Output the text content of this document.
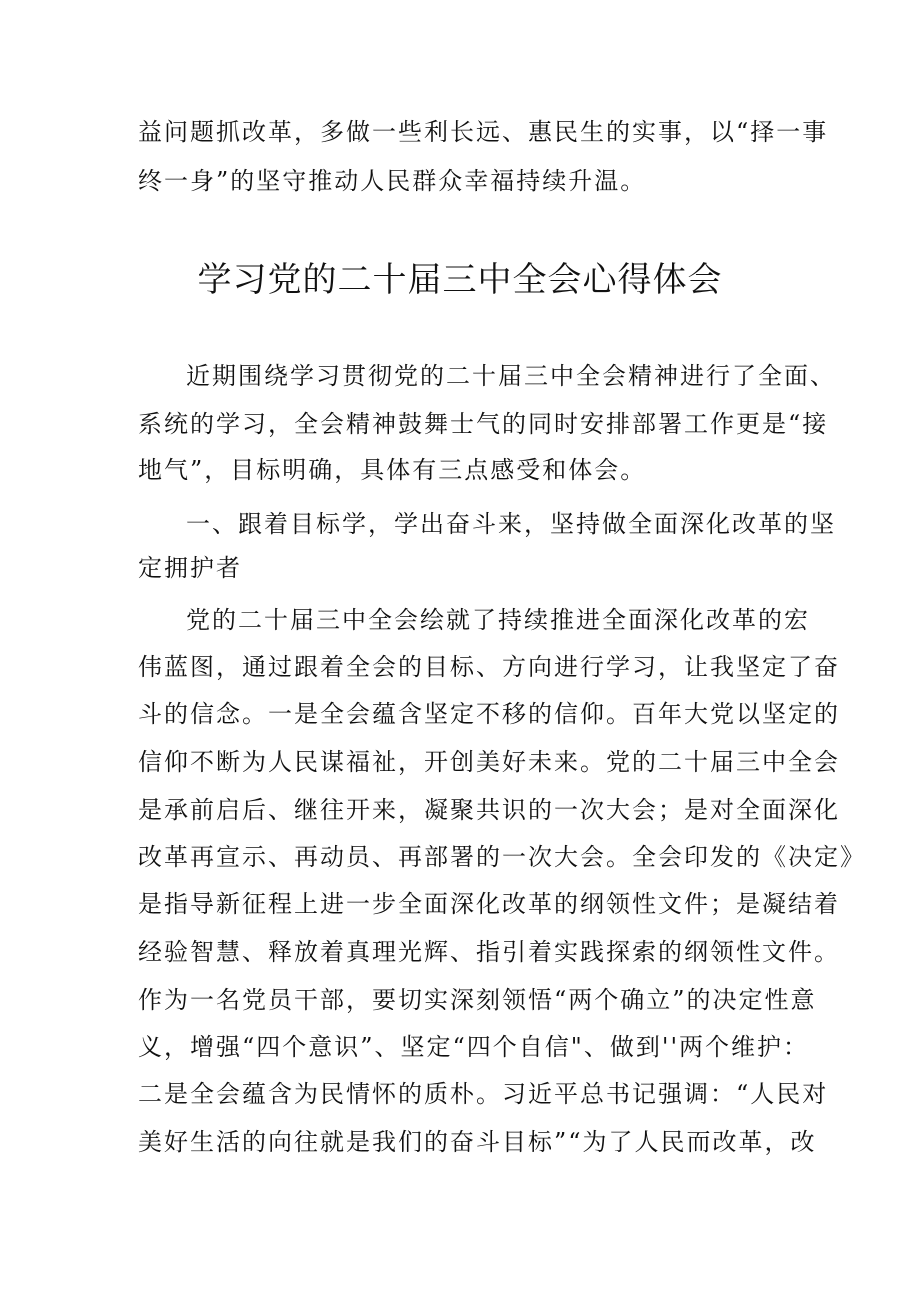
益问题抓改革，多做一些利长远、惠民生的实事，以“择一事
终一身”的坚守推动人民群众幸福持续升温。
学习党的二十届三中全会心得体会
近期围绕学习贯彻党的二十届三中全会精神进行了全面、
系统的学习，全会精神鼓舞士气的同时安排部署工作更是“接
地气”，目标明确，具体有三点感受和体会。
一、跟着目标学，学出奋斗来，坚持做全面深化改革的坚
定拥护者
党的二十届三中全会绘就了持续推进全面深化改革的宏
伟蓝图，通过跟着全会的目标、方向进行学习，让我坚定了奋
斗的信念。一是全会蕴含坚定不移的信仰。百年大党以坚定的
信仰不断为人民谋福祉，开创美好未来。党的二十届三中全会
是承前启后、继往开来，凝聚共识的一次大会；是对全面深化
改革再宣示、再动员、再部署的一次大会。全会印发的《决定》
是指导新征程上进一步全面深化改革的纲领性文件；是凝结着
经验智慧、释放着真理光辉、指引着实践探索的纲领性文件。
作为一名党员干部，要切实深刻领悟“两个确立”的决定性意
义，增强“四个意识”、坚定“四个自信"、做到''两个维护：
二是全会蕴含为民情怀的质朴。习近平总书记强调：“人民对
美好生活的向往就是我们的奋斗目标”“为了人民而改革，改
